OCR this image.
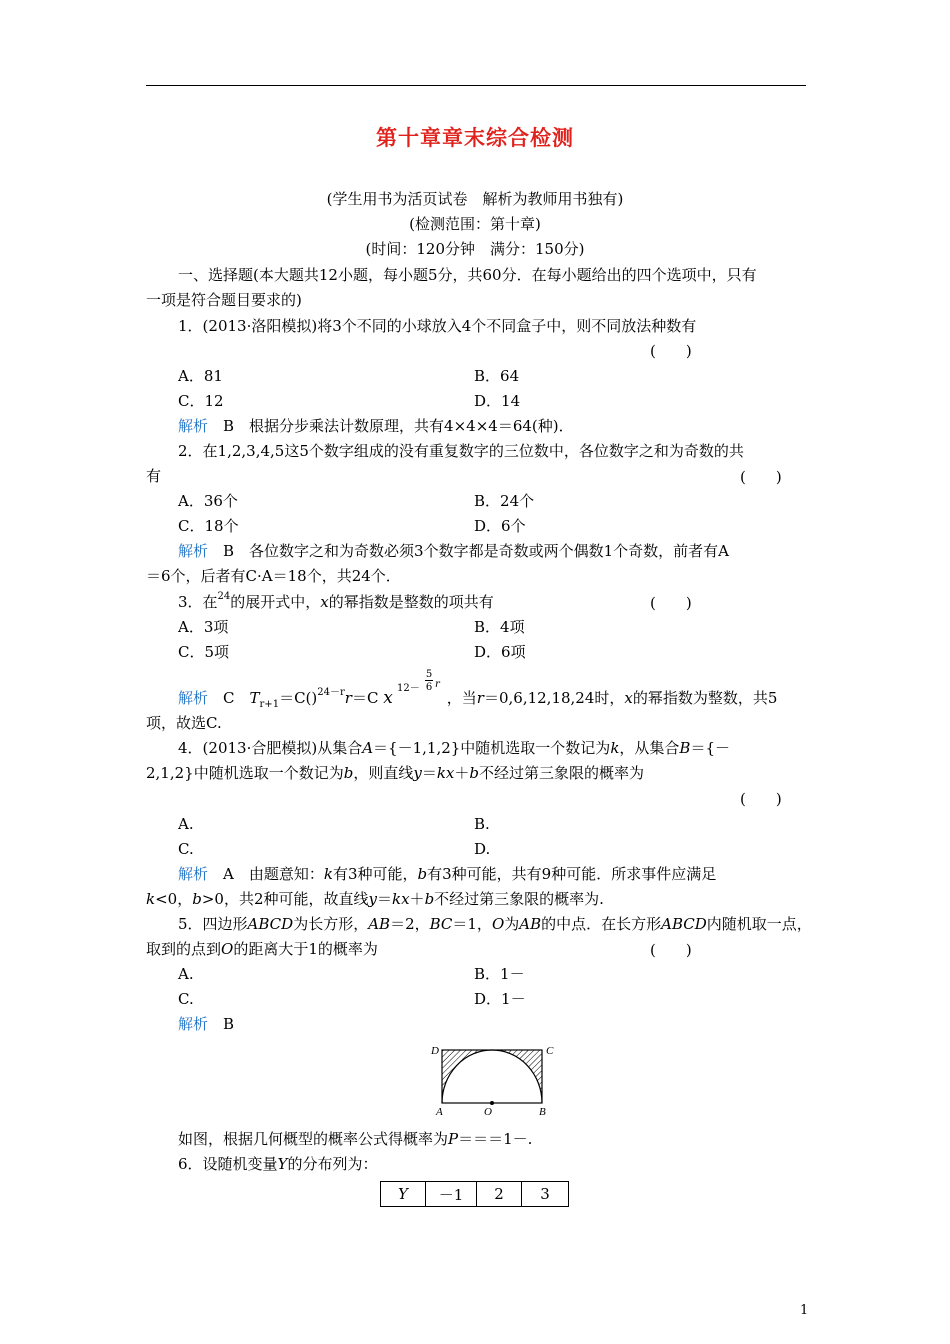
第十章章末综合检测
(学生用书为活页试卷　解析为教师用书独有)
(检测范围：第十章)
(时间：120分钟　满分：150分)
一、选择题(本大题共12小题，每小题5分，共60分．在每小题给出的四个选项中，只有
一项是符合题目要求的)
1．(2013·洛阳模拟)将3个不同的小球放入4个不同盒子中，则不同放法种数有
(　　)
A．81	B．64
C．12	D．14
解析　 B　根据分步乘法计数原理，共有4×4×4＝64(种)．
2．在1,2,3,4,5这5个数字组成的没有重复数字的三位数中，各位数字之和为奇数的共
有	(　　)
A．36个	B．24个
C．18个	D．6个
解析　 B　各位数字之和为奇数必须3个数字都是奇数或两个偶数1个奇数，前者有A
＝6个，后者有C·A＝18个，共24个．
3．在$^{24}$的展开式中，x的幂指数是整数的项共有	(　　)
A．3项	B．4项
C．5项	D．6项
解析　 C　$T_{r+1}=C()^{24-r}r=C$ x	，当r＝0,6,12,18,24时，x的幂指数为整数，共5
12－
5
6 r
项，故选C.
4．(2013·合肥模拟)从集合A＝{－1,1,2}中随机选取一个数记为k，从集合B＝{－
2,1,2}中随机选取一个数记为b，则直线y＝kx＋b不经过第三象限的概率为
(　　)
A.	B.
C.	D.
解析　 A　由题意知：k有3种可能，b有3种可能，共有9种可能．所求事件应满足
k<0，b>0，共2种可能，故直线y＝kx＋b不经过第三象限的概率为.
5．四边形ABCD为长方形，AB＝2，BC＝1，O为AB的中点．在长方形ABCD内随机取一点，
取到的点到O的距离大于1的概率为	(　　)
A.	B．1－
C.	D．1－
解析　 B
D	C
A	O	B
如图，根据几何概型的概率公式得概率为P＝＝＝1－.
6．设随机变量Y的分布列为：
Y	－1	2	3
1
